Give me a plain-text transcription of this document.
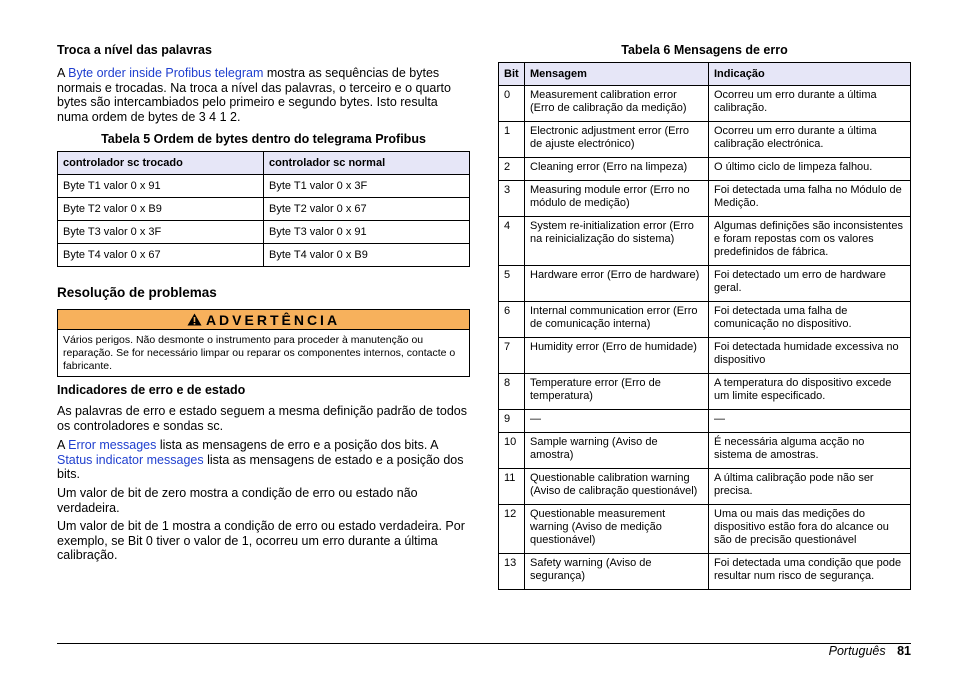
Troca a nível das palavras
A Byte order inside Profibus telegram mostra as sequências de bytes normais e trocadas. Na troca a nível das palavras, o terceiro e o quarto bytes são intercambiados pelo primeiro e segundo bytes. Isto resulta numa ordem de bytes de 3 4 1 2.
Tabela 5 Ordem de bytes dentro do telegrama Profibus
controlador sc trocado	controlador sc normal

Byte T1 valor 0 x 91	Byte T1 valor 0 x 3F

Byte T2 valor 0 x B9	Byte T2 valor 0 x 67

Byte T3 valor 0 x 3F	Byte T3 valor 0 x 91

Byte T4 valor 0 x 67	Byte T4 valor 0 x B9
Resolução de problemas
ADVERTÊNCIA
Vários perigos. Não desmonte o instrumento para proceder à manutenção ou reparação. Se for necessário limpar ou reparar os componentes internos, contacte o fabricante.
Indicadores de erro e de estado
As palavras de erro e estado seguem a mesma definição padrão de todos os controladores e sondas sc.
A Error messages lista as mensagens de erro e a posição dos bits. A Status indicator messages lista as mensagens de estado e a posição dos bits.
Um valor de bit de zero mostra a condição de erro ou estado não verdadeira.
Um valor de bit de 1 mostra a condição de erro ou estado verdadeira. Por exemplo, se Bit 0 tiver o valor de 1, ocorreu um erro durante a última calibração.
Tabela 6 Mensagens de erro
Bit	Mensagem	Indicação

0	Measurement calibration error (Erro de calibração da medição)	Ocorreu um erro durante a última calibração.

1	Electronic adjustment error (Erro de ajuste electrónico)	Ocorreu um erro durante a última calibração electrónica.

2	Cleaning error (Erro na limpeza)	O último ciclo de limpeza falhou.

3	Measuring module error (Erro no módulo de medição)	Foi detectada uma falha no Módulo de Medição.

4	System re-initialization error (Erro na reinicialização do sistema)	Algumas definições são inconsistentes e foram repostas com os valores predefinidos de fábrica.

5	Hardware error (Erro de hardware)	Foi detectado um erro de hardware geral.

6	Internal communication error (Erro de comunicação interna)	Foi detectada uma falha de comunicação no dispositivo.

7	Humidity error (Erro de humidade)	Foi detectada humidade excessiva no dispositivo

8	Temperature error (Erro de temperatura)	A temperatura do dispositivo excede um limite especificado.

9	—	—

10	Sample warning (Aviso de amostra)	É necessária alguma acção no sistema de amostras.

11	Questionable calibration warning (Aviso de calibração questionável)	A última calibração pode não ser precisa.

12	Questionable measurement warning (Aviso de medição questionável)	Uma ou mais das medições do dispositivo estão fora do alcance ou são de precisão questionável

13	Safety warning (Aviso de segurança)	Foi detectada uma condição que pode resultar num risco de segurança.
Português 81
